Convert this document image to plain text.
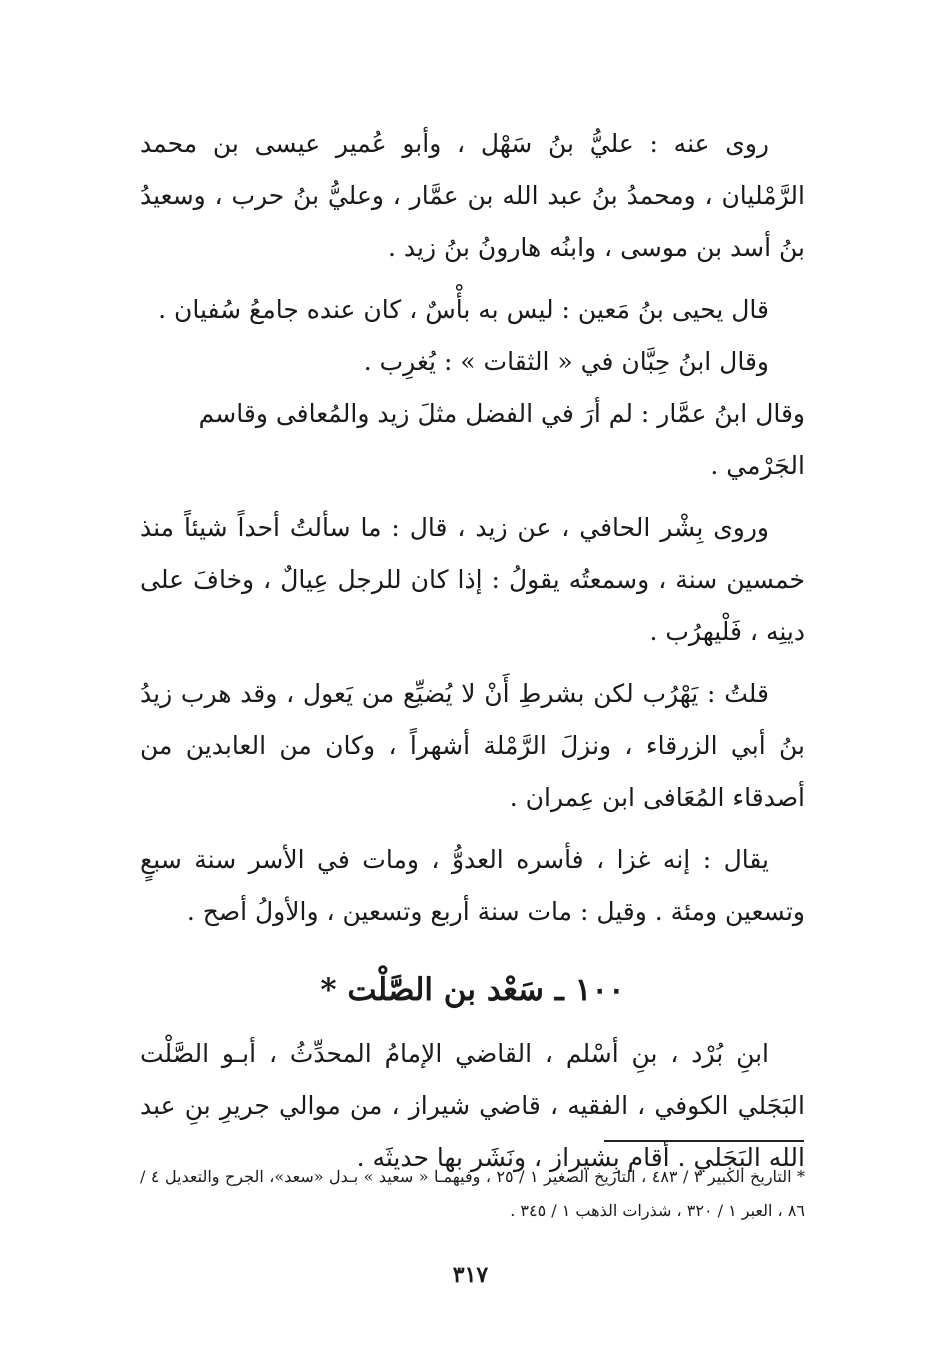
روى عنه : عليُّ بنُ سَهْل ، وأبو عُمير عيسى بن محمد الرَّمْليان ، ومحمدُ بنُ عبد الله بن عمَّار ، وعليُّ بنُ حرب ، وسعيدُ بنُ أسد بن موسى ، وابنُه هارونُ بنُ زيد .

قال يحيى بنُ مَعين : ليس به بأْسٌ ، كان عنده جامعُ سُفيان .

وقال ابنُ حِبَّان في « الثقات » : يُغرِب .

وقال ابنُ عمَّار : لم أرَ في الفضل مثلَ زيد والمُعافى وقاسم الجَرْمي .

وروى بِشْر الحافي ، عن زيد ، قال : ما سألتُ أحداً شيئاً منذ خمسين سنة ، وسمعتُه يقولُ : إذا كان للرجل عِيالٌ ، وخافَ على دينِه ، فَلْيهرُب .

قلتُ : يَهْرُب لكن بشرطِ أَنْ لا يُضيِّع من يَعول ، وقد هرب زيدُ بنُ أبي الزرقاء ، ونزلَ الرَّمْلة أشهراً ، وكان من العابدين من أصدقاء المُعَافى ابن عِمران .

يقال : إنه غزا ، فأسره العدوُّ ، ومات في الأسر سنة سبعٍ وتسعين ومئة . وقيل : مات سنة أربع وتسعين ، والأولُ أصح .

١٠٠ ـ سَعْد بن الصَّلْت *

ابنِ بُرْد ، بنِ أسْلم ، القاضي الإمامُ المحدِّثُ ، أبـو الصَّلْت البَجَلي الكوفي ، الفقيه ، قاضي شيراز ، من موالي جريرِ بنِ عبد الله البَجَلي . أقام بِشيراز ، ونَشَر بها حديثَه .

* التاريخ الكبير ٣ / ٤٨٣ ، التاريخ الصغير ١ / ٢٥ ، وفيهمـا « سعيد » بـدل «سعد»، الجرح والتعديل ٤ / ٨٦ ، العبر ١ / ٣٢٠ ، شذرات الذهب ١ / ٣٤٥ .

٣١٧
